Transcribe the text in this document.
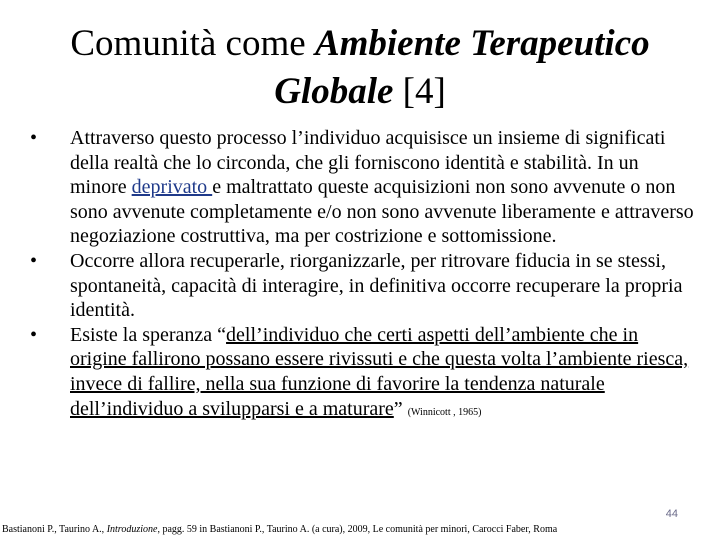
Comunità come Ambiente Terapeutico
Globale [4]
• Attraverso questo processo l’individuo acquisisce un insieme di significati della realtà che lo circonda, che gli forniscono identità e stabilità. In un minore deprivato e maltrattato queste acquisizioni non sono avvenute o non sono avvenute completamente e/o non sono avvenute liberamente e attraverso negoziazione costruttiva, ma per costrizione e sottomissione.
• Occorre allora recuperarle, riorganizzarle, per ritrovare fiducia in se stessi, spontaneità, capacità di interagire, in definitiva occorre recuperare la propria identità.
• Esiste la speranza “dell’individuo che certi aspetti dell’ambiente che in origine fallirono possano essere rivissuti e che questa volta l’ambiente riesca, invece di fallire, nella sua funzione di favorire la tendenza naturale dell’individuo a svilupparsi e a maturare” (Winnicott , 1965)
44
Bastianoni P., Taurino A., Introduzione, pagg. 59 in Bastianoni P., Taurino A. (a cura), 2009, Le comunità per minori, Carocci Faber, Roma
